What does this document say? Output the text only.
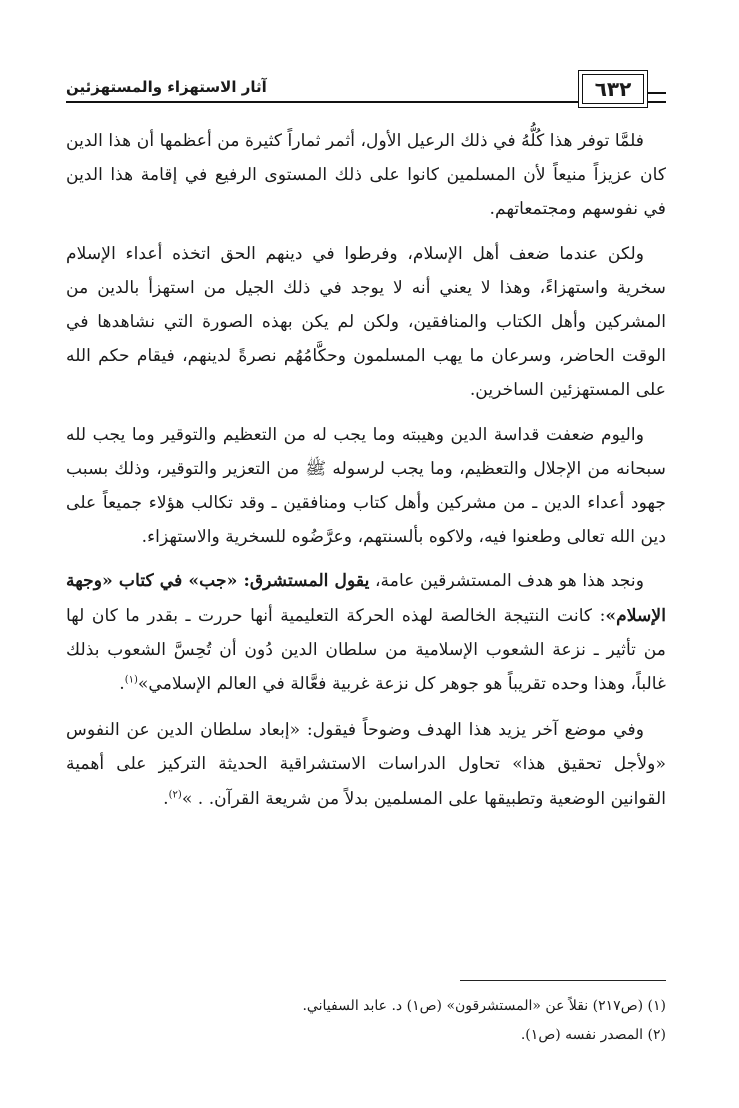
آثار الاستهزاء والمستهزئين	٦٣٢

فلمَّا توفر هذا كُلُّهُ في ذلك الرعيل الأول، أثمر ثماراً كثيرة من أعظمها أن هذا الدين كان عزيزاً منيعاً لأن المسلمين كانوا على ذلك المستوى الرفيع في إقامة هذا الدين في نفوسهم ومجتمعاتهم.

ولكن عندما ضعف أهل الإسلام، وفرطوا في دينهم الحق اتخذه أعداء الإسلام سخرية واستهزاءً، وهذا لا يعني أنه لا يوجد في ذلك الجيل من استهزأ بالدين من المشركين وأهل الكتاب والمنافقين، ولكن لم يكن بهذه الصورة التي نشاهدها في الوقت الحاضر، وسرعان ما يهب المسلمون وحكَّامُهُم نصرةً لدينهم، فيقام حكم الله على المستهزئين الساخرين.

واليوم ضعفت قداسة الدين وهيبته وما يجب له من التعظيم والتوقير وما يجب لله سبحانه من الإجلال والتعظيم، وما يجب لرسوله ﷺ من التعزير والتوقير، وذلك بسبب جهود أعداء الدين ـ من مشركين وأهل كتاب ومنافقين ـ وقد تكالب هؤلاء جميعاً على دين الله تعالى وطعنوا فيه، ولاكوه بألسنتهم، وعرَّضُوه للسخرية والاستهزاء.

ونجد هذا هو هدف المستشرقين عامة، يقول المستشرق: «جب» في كتاب «وجهة الإسلام»: كانت النتيجة الخالصة لهذه الحركة التعليمية أنها حررت ـ بقدر ما كان لها من تأثير ـ نزعة الشعوب الإسلامية من سلطان الدين دُون أن تُحِسَّ الشعوب بذلك غالباً، وهذا وحده تقريباً هو جوهر كل نزعة غربية فعَّالة في العالم الإسلامي»$^{(١)}$.

وفي موضع آخر يزيد هذا الهدف وضوحاً فيقول: «إبعاد سلطان الدين عن النفوس «ولأجل تحقيق هذا» تحاول الدراسات الاستشراقية الحديثة التركيز على أهمية القوانين الوضعية وتطبيقها على المسلمين بدلاً من شريعة القرآن. . »$^{(٢)}$.

(١) (ص٢١٧) نقلاً عن «المستشرقون» (ص١) د. عابد السفياني.
(٢) المصدر نفسه (ص١).
